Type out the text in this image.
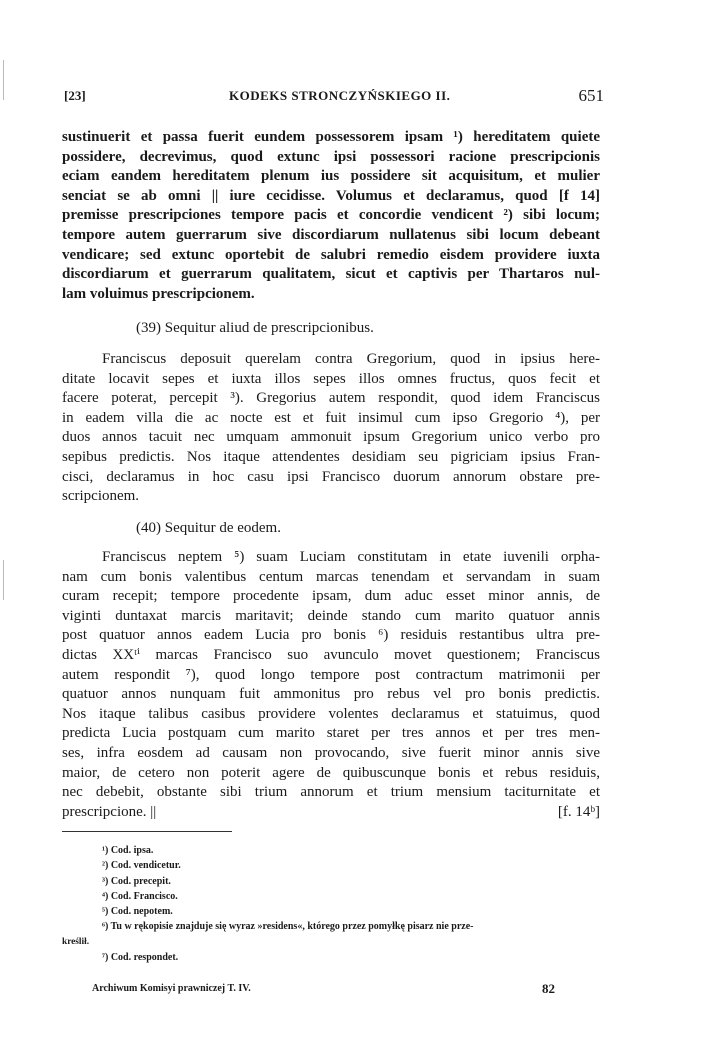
[23]	KODEKS STRONCZYŃSKIEGO II.	651
sustinuerit et passa fuerit eundem possessorem ipsam ¹) hereditatem quiete
possidere, decrevimus, quod extunc ipsi possessori racione prescripcionis
eciam eandem hereditatem plenum ius possidere sit acquisitum, et mulier
senciat se ab omni || iure cecidisse. Volumus et declaramus, quod [f 14]
premisse prescripciones tempore pacis et concordie vendicent ²) sibi locum;
tempore autem guerrarum sive discordiarum nullatenus sibi locum debeant
vendicare; sed extunc oportebit de salubri remedio eisdem providere iuxta
discordiarum et guerrarum qualitatem, sicut et captivis per Thartaros nul-
lam voluimus prescripcionem.
(39) Sequitur aliud de prescripcionibus.
Franciscus deposuit querelam contra Gregorium, quod in ipsius here-
ditate locavit sepes et iuxta illos sepes illos omnes fructus, quos fecit et
facere poterat, percepit ³). Gregorius autem respondit, quod idem Franciscus
in eadem villa die ac nocte est et fuit insimul cum ipso Gregorio ⁴), per
duos annos tacuit nec umquam ammonuit ipsum Gregorium unico verbo pro
sepibus predictis. Nos itaque attendentes desidiam seu pigriciam ipsius Fran-
cisci, declaramus in hoc casu ipsi Francisco duorum annorum obstare pre-
scripcionem.
(40) Sequitur de eodem.
Franciscus neptem ⁵) suam Luciam constitutam in etate iuvenili orpha-
nam cum bonis valentibus centum marcas tenendam et servandam in suam
curam recepit; tempore procedente ipsam, dum aduc esset minor annis, de
viginti duntaxat marcis maritavit; deinde stando cum marito quatuor annis
post quatuor annos eadem Lucia pro bonis ⁶) residuis restantibus ultra pre-
dictas XXᵗⁱ marcas Francisco suo avunculo movet questionem; Franciscus
autem respondit ⁷), quod longo tempore post contractum matrimonii per
quatuor annos nunquam fuit ammonitus pro rebus vel pro bonis predictis.
Nos itaque talibus casibus providere volentes declaramus et statuimus, quod
predicta Lucia postquam cum marito staret per tres annos et per tres men-
ses, infra eosdem ad causam non provocando, sive fuerit minor annis sive
maior, de cetero non poterit agere de quibuscunque bonis et rebus residuis,
nec debebit, obstante sibi trium annorum et trium mensium taciturnitate et
prescripcione. ||	[f. 14ᵇ]
¹) Cod. ipsa.
²) Cod. vendicetur.
³) Cod. precepit.
⁴) Cod. Francisco.
⁵) Cod. nepotem.
⁶) Tu w rękopisie znajduje się wyraz »residens«, którego przez pomyłkę pisarz nie prze-
kreślił.
⁷) Cod. respondet.
Archiwum Komisyi prawniczej T. IV.	82
